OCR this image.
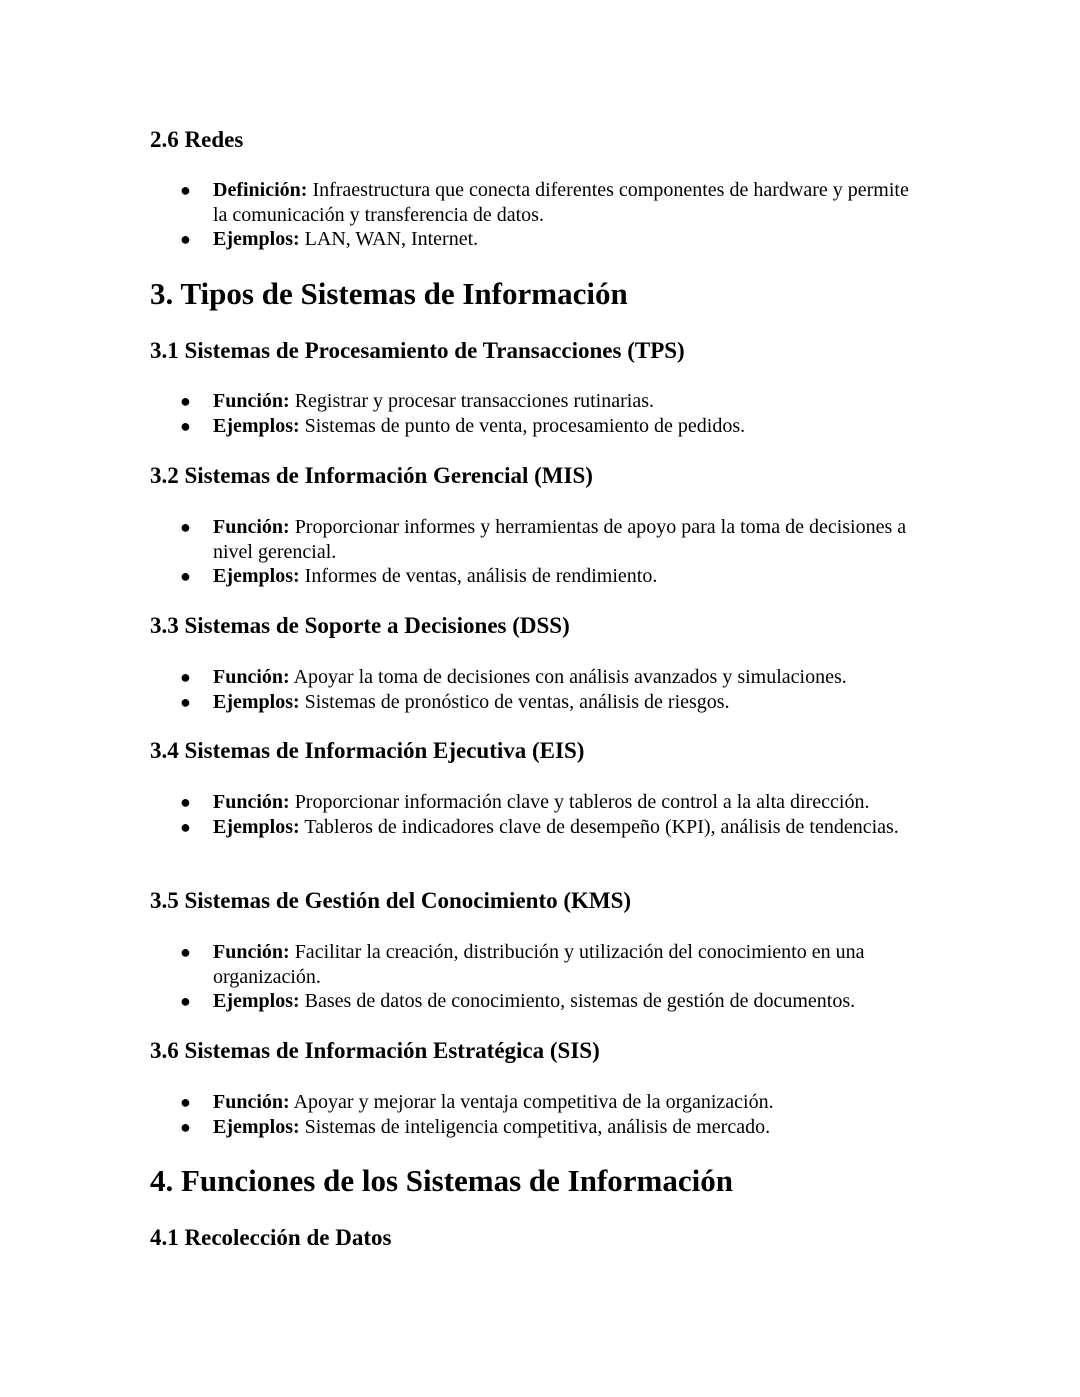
2.6 Redes
● Definición: Infraestructura que conecta diferentes componentes de hardware y permite la comunicación y transferencia de datos.
● Ejemplos: LAN, WAN, Internet.
3. Tipos de Sistemas de Información
3.1 Sistemas de Procesamiento de Transacciones (TPS)
● Función: Registrar y procesar transacciones rutinarias.
● Ejemplos: Sistemas de punto de venta, procesamiento de pedidos.
3.2 Sistemas de Información Gerencial (MIS)
● Función: Proporcionar informes y herramientas de apoyo para la toma de decisiones a nivel gerencial.
● Ejemplos: Informes de ventas, análisis de rendimiento.
3.3 Sistemas de Soporte a Decisiones (DSS)
● Función: Apoyar la toma de decisiones con análisis avanzados y simulaciones.
● Ejemplos: Sistemas de pronóstico de ventas, análisis de riesgos.
3.4 Sistemas de Información Ejecutiva (EIS)
● Función: Proporcionar información clave y tableros de control a la alta dirección.
● Ejemplos: Tableros de indicadores clave de desempeño (KPI), análisis de tendencias.
3.5 Sistemas de Gestión del Conocimiento (KMS)
● Función: Facilitar la creación, distribución y utilización del conocimiento en una organización.
● Ejemplos: Bases de datos de conocimiento, sistemas de gestión de documentos.
3.6 Sistemas de Información Estratégica (SIS)
● Función: Apoyar y mejorar la ventaja competitiva de la organización.
● Ejemplos: Sistemas de inteligencia competitiva, análisis de mercado.
4. Funciones de los Sistemas de Información
4.1 Recolección de Datos
